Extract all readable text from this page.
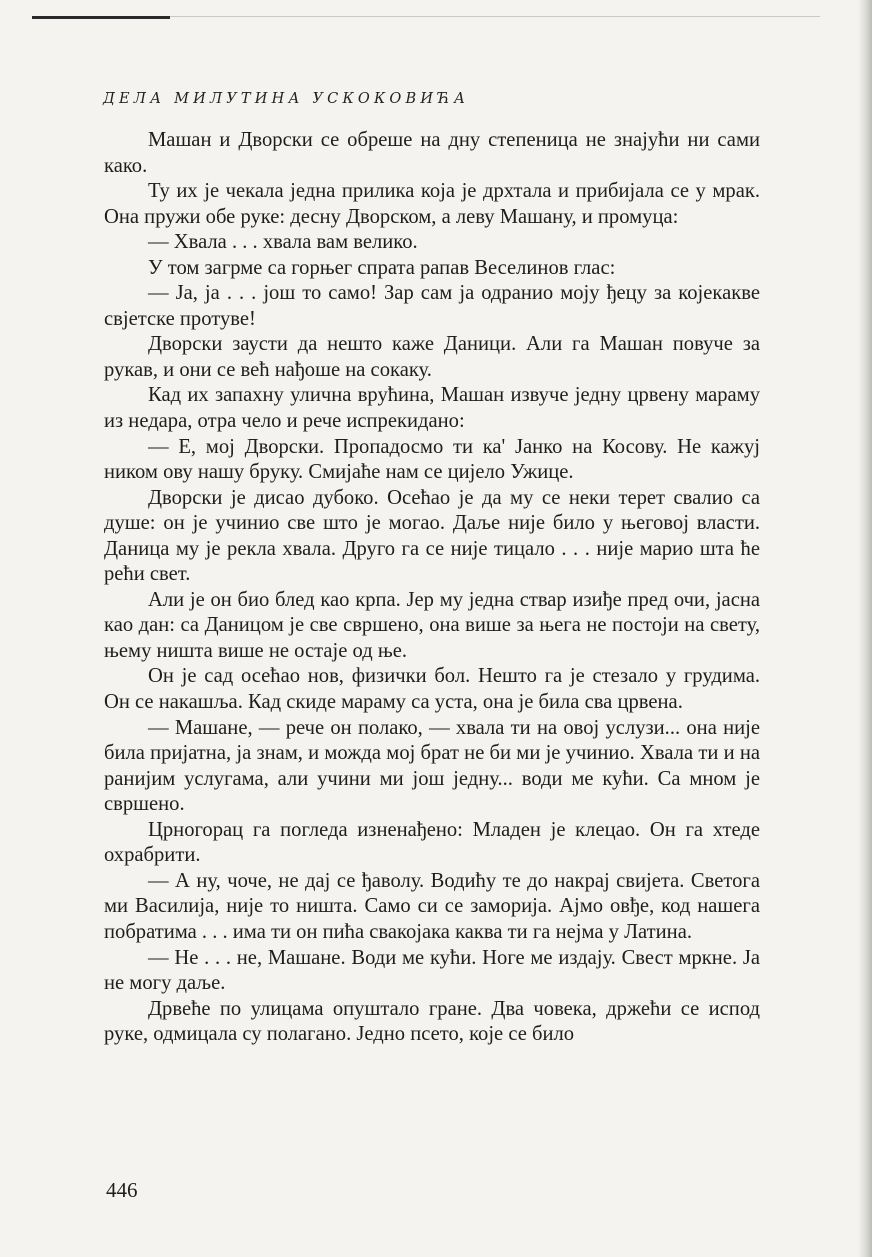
ДЕЛА МИЛУТИНА УСКОКОВИЋА

Машан и Дворски се обреше на дну степеница не знајући ни сами како.

Ту их је чекала једна прилика која је дрхтала и прибијала се у мрак. Она пружи обе руке: десну Дворском, а леву Машану, и промуца:

— Хвала . . . хвала вам велико.

У том загрме са горњег спрата рапав Веселинов глас:

— Ја, ја . . . још то само! Зар сам ја одранио моју ђецу за којекакве свјетске протуве!

Дворски заусти да нешто каже Даници. Али га Машан повуче за рукав, и они се већ нађоше на сокаку.

Кад их запахну улична врућина, Машан извуче једну црвену мараму из недара, отра чело и рече испрекидано:

— Е, мој Дворски. Пропадосмо ти ка' Јанко на Косову. Не кажуј ником ову нашу бруку. Смијаће нам се цијело Ужице.

Дворски је дисао дубоко. Осећао је да му се неки терет свалио са душе: он је учинио све што је могао. Даље није било у његовој власти. Даница му је рекла хвала. Друго га се није тицало . . . није марио шта ће рећи свет.

Али је он био блед као крпа. Јер му једна ствар изиђе пред очи, јасна као дан: са Даницом је све свршено, она више за њега не постоји на свету, њему ништа више не остаје од ње.

Он је сад осећао нов, физички бол. Нешто га је стезало у грудима. Он се накашља. Кад скиде мараму са уста, она је била сва црвена.

— Машане, — рече он полако, — хвала ти на овој услузи... она није била пријатна, ја знам, и можда мој брат не би ми је учинио. Хвала ти и на ранијим услугама, али учини ми још једну... води ме кући. Са мном је свршено.

Црногорац га погледа изненађено: Младен је клецао. Он га хтеде охрабрити.

— А ну, чоче, не дај се ђаволу. Водићу те до накрај свијета. Светога ми Василија, није то ништа. Само си се заморија. Ајмо овђе, код нашега побратима . . . има ти он пића свакојака каква ти га нејма у Латина.

— Не . . . не, Машане. Води ме кући. Ноге ме издају. Свест мркне. Ја не могу даље.

Дрвеће по улицама опуштало гране. Два човека, држећи се испод руке, одмицала су полагано. Једно псето, које се било

446
